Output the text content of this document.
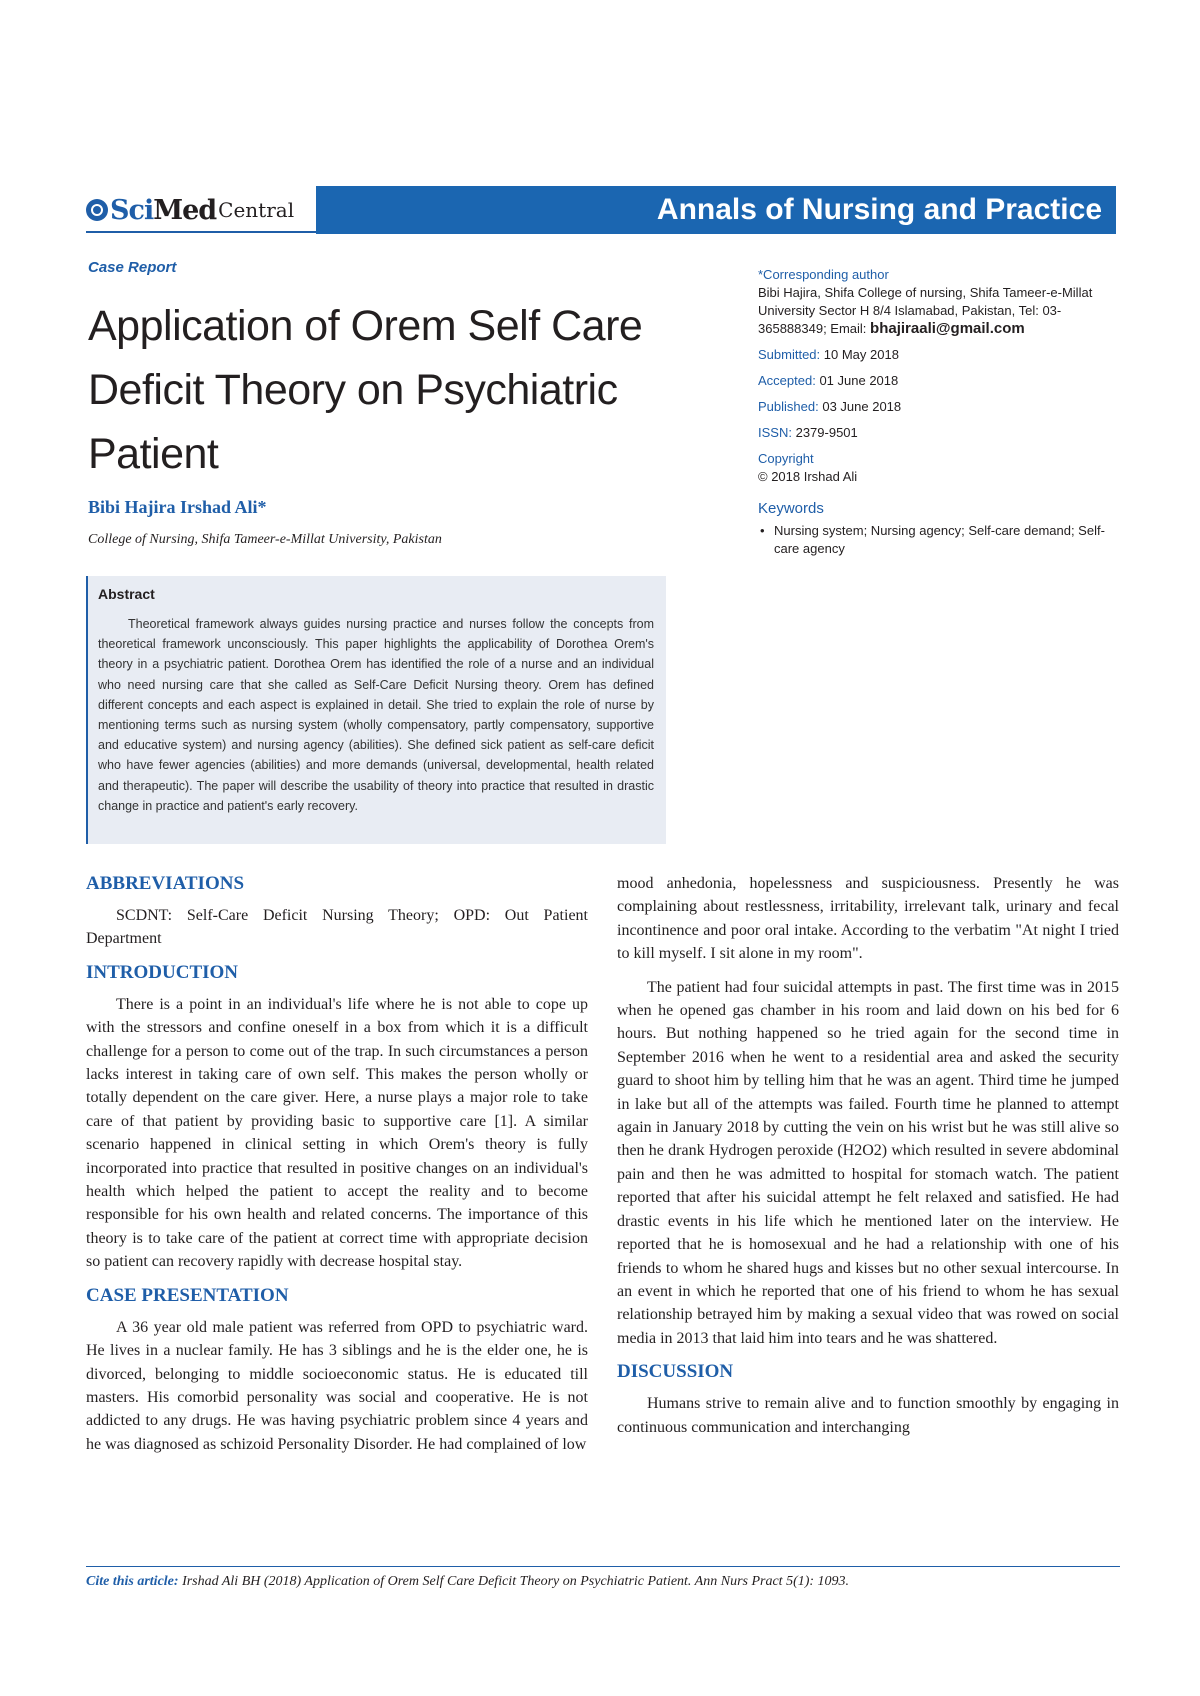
Sci Med Central	Annals of Nursing and Practice
Case Report
Application of Orem Self Care Deficit Theory on Psychiatric Patient
Bibi Hajira Irshad Ali*
College of Nursing, Shifa Tameer-e-Millat University, Pakistan
*Corresponding author
Bibi Hajira, Shifa College of nursing, Shifa Tameer-e-Millat University Sector H 8/4 Islamabad, Pakistan, Tel: 03-365888349; Email: bhajiraali@gmail.com
Submitted: 10 May 2018
Accepted: 01 June 2018
Published: 03 June 2018
ISSN: 2379-9501
Copyright
© 2018 Irshad Ali
Keywords
• Nursing system; Nursing agency; Self-care demand; Self-care agency
Abstract

Theoretical framework always guides nursing practice and nurses follow the concepts from theoretical framework unconsciously. This paper highlights the applicability of Dorothea Orem's theory in a psychiatric patient. Dorothea Orem has identified the role of a nurse and an individual who need nursing care that she called as Self-Care Deficit Nursing theory. Orem has defined different concepts and each aspect is explained in detail. She tried to explain the role of nurse by mentioning terms such as nursing system (wholly compensatory, partly compensatory, supportive and educative system) and nursing agency (abilities). She defined sick patient as self-care deficit who have fewer agencies (abilities) and more demands (universal, developmental, health related and therapeutic). The paper will describe the usability of theory into practice that resulted in drastic change in practice and patient's early recovery.

ABBREVIATIONS

SCDNT: Self-Care Deficit Nursing Theory; OPD: Out Patient Department

INTRODUCTION

There is a point in an individual's life where he is not able to cope up with the stressors and confine oneself in a box from which it is a difficult challenge for a person to come out of the trap. In such circumstances a person lacks interest in taking care of own self. This makes the person wholly or totally dependent on the care giver. Here, a nurse plays a major role to take care of that patient by providing basic to supportive care [1]. A similar scenario happened in clinical setting in which Orem's theory is fully incorporated into practice that resulted in positive changes on an individual's health which helped the patient to accept the reality and to become responsible for his own health and related concerns. The importance of this theory is to take care of the patient at correct time with appropriate decision so patient can recovery rapidly with decrease hospital stay.

CASE PRESENTATION

A 36 year old male patient was referred from OPD to psychiatric ward. He lives in a nuclear family. He has 3 siblings and he is the elder one, he is divorced, belonging to middle socioeconomic status. He is educated till masters. His comorbid personality was social and cooperative. He is not addicted to any drugs. He was having psychiatric problem since 4 years and he was diagnosed as schizoid Personality Disorder. He had complained of low

mood anhedonia, hopelessness and suspiciousness. Presently he was complaining about restlessness, irritability, irrelevant talk, urinary and fecal incontinence and poor oral intake. According to the verbatim "At night I tried to kill myself. I sit alone in my room".

The patient had four suicidal attempts in past. The first time was in 2015 when he opened gas chamber in his room and laid down on his bed for 6 hours. But nothing happened so he tried again for the second time in September 2016 when he went to a residential area and asked the security guard to shoot him by telling him that he was an agent. Third time he jumped in lake but all of the attempts was failed. Fourth time he planned to attempt again in January 2018 by cutting the vein on his wrist but he was still alive so then he drank Hydrogen peroxide (H2O2) which resulted in severe abdominal pain and then he was admitted to hospital for stomach watch. The patient reported that after his suicidal attempt he felt relaxed and satisfied. He had drastic events in his life which he mentioned later on the interview. He reported that he is homosexual and he had a relationship with one of his friends to whom he shared hugs and kisses but no other sexual intercourse. In an event in which he reported that one of his friend to whom he has sexual relationship betrayed him by making a sexual video that was rowed on social media in 2013 that laid him into tears and he was shattered.

DISCUSSION

Humans strive to remain alive and to function smoothly by engaging in continuous communication and interchanging

Cite this article: Irshad Ali BH (2018) Application of Orem Self Care Deficit Theory on Psychiatric Patient. Ann Nurs Pract 5(1): 1093.
